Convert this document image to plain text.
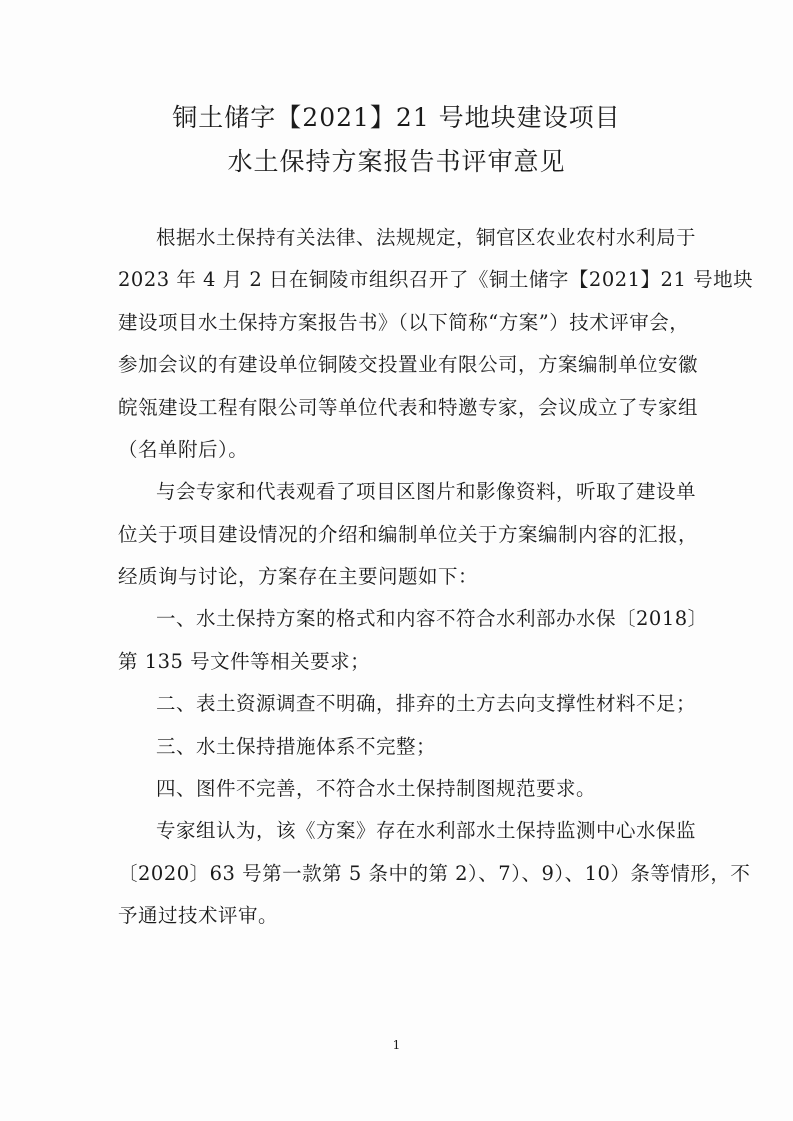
铜土储字【2021】21 号地块建设项目
水土保持方案报告书评审意见
根据水土保持有关法律、法规规定，铜官区农业农村水利局于
2023 年 4 月 2 日在铜陵市组织召开了《铜土储字【2021】21 号地块
建设项目水土保持方案报告书》（以下简称“方案”）技术评审会，
参加会议的有建设单位铜陵交投置业有限公司，方案编制单位安徽
皖瓴建设工程有限公司等单位代表和特邀专家，会议成立了专家组
（名单附后）。
与会专家和代表观看了项目区图片和影像资料，听取了建设单
位关于项目建设情况的介绍和编制单位关于方案编制内容的汇报，
经质询与讨论，方案存在主要问题如下：
一、水土保持方案的格式和内容不符合水利部办水保〔2018〕
第 135 号文件等相关要求；
二、表土资源调查不明确，排弃的土方去向支撑性材料不足；
三、水土保持措施体系不完整；
四、图件不完善，不符合水土保持制图规范要求。
专家组认为，该《方案》存在水利部水土保持监测中心水保监
〔2020〕63 号第一款第 5 条中的第 2）、7）、9）、10）条等情形，不
予通过技术评审。
1
